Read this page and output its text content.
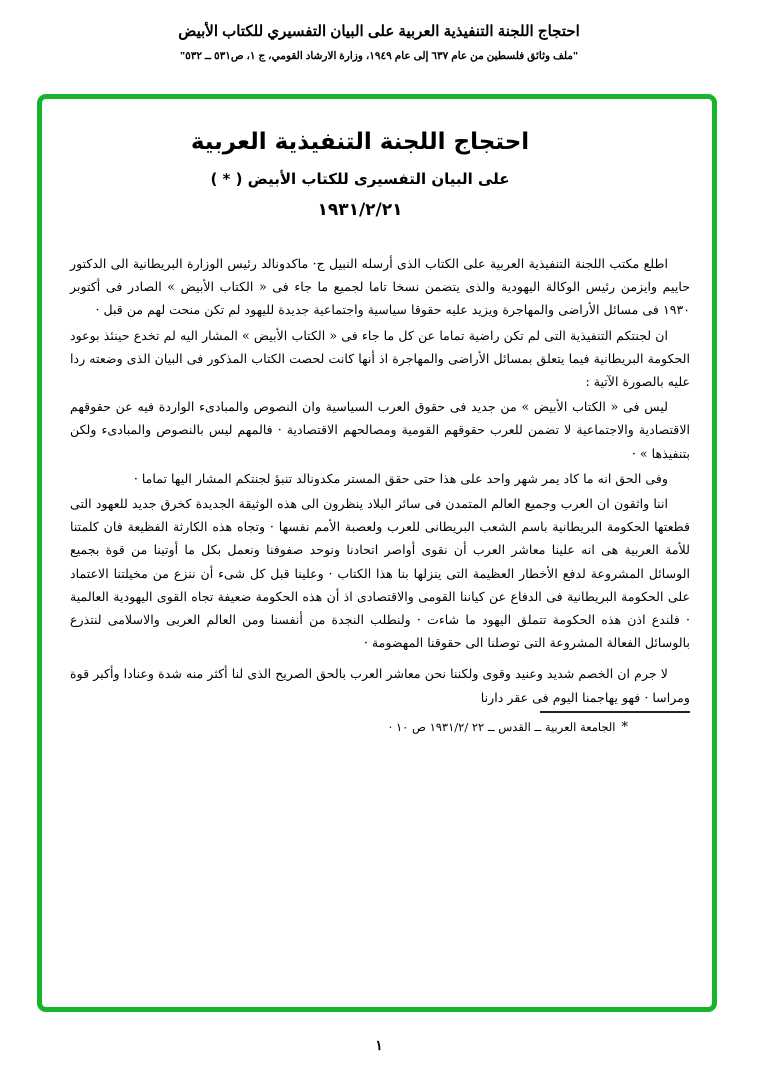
احتجاج اللجنة التنفيذية العربية على البيان التفسيري للكتاب الأبيض
"ملف وثائق فلسطين من عام ٦٣٧ إلى عام ١٩٤٩، وزارة الارشاد القومي، ج ١، ص٥٣١ ــ ٥٣٢"
احتجاج اللجنة التنفيذية العربية
على البيان التفسيرى للكتاب الأبيض ( * )
١٩٣١/٢/٢١

اطلع مكتب اللجنة التنفيذية العربية على الكتاب الذى أرسله النبيل ج· ماكدونالد رئيس الوزارة البريطانية الى الدكتور حاييم وايزمن رئيس الوكالة اليهودية والذى يتضمن نسخا تاما لجميع ما جاء فى « الكتاب الأبيض » الصادر فى أكتوبر ١٩٣٠ فى مسائل الأراضى والمهاجرة ويزيد عليه حقوقا سياسية واجتماعية جديدة لليهود لم تكن منحت لهم من قبل ·

ان لجنتكم التنفيذية التى لم تكن راضية تماما عن كل ما جاء فى « الكتاب الأبيض » المشار اليه لم تخدع حينئذ بوعود الحكومة البريطانية فيما يتعلق بمسائل الأراضى والمهاجرة اذ أنها كانت لحصت الكتاب المذكور فى البيان الذى وضعته ردا عليه بالصورة الآتية :

ليس فى « الكتاب الأبيض » من جديد فى حقوق العرب السياسية وان النصوص والمبادىء الواردة فيه عن حقوقهم الاقتصادية والاجتماعية لا تضمن للعرب حقوقهم القومية ومصالحهم الاقتصادية · فالمهم ليس بالنصوص والمبادىء ولكن بتنفيذها » ·

وفى الحق انه ما كاد يمر شهر واحد على هذا حتى حقق المستر مكدونالد تنبؤ لجنتكم المشار اليها تماما ·

اننا واثقون ان العرب وجميع العالم المتمدن فى سائر البلاد ينظرون الى هذه الوثيقة الجديدة كخرق جديد للعهود التى قطعتها الحكومة البريطانية باسم الشعب البريطانى للعرب ولعصبة الأمم نفسها · وتجاه هذه الكارثة الفظيعة فان كلمتنا للأمة العربية هى انه علينا معاشر العرب أن نقوى أواصر اتحادنا ونوحد صفوفنا ونعمل بكل ما أوتينا من قوة بجميع الوسائل المشروعة لدفع الأخطار العظيمة التى ينزلها بنا هذا الكتاب · وعلينا قبل كل شىء أن ننزع من مخيلتنا الاعتماد على الحكومة البريطانية فى الدفاع عن كياننا القومى والاقتصادى اذ أن هذه الحكومة ضعيفة تجاه القوى اليهودية العالمية · فلندع اذن هذه الحكومة تتملق اليهود ما شاءت · ولنطلب النجدة من أنفسنا ومن العالم العربى والاسلامى لنتذرع بالوسائل الفعالة المشروعة التى توصلنا الى حقوقنا المهضومة ·

لا جرم ان الخصم شديد وعنيد وقوى ولكننا نحن معاشر العرب بالحق الصريح الذى لنا أكثر منه شدة وعنادا وأكبر قوة ومراسا · فهو يهاجمنا اليوم فى عقر دارنا

*الجامعة العربية ــ القدس ــ ٢٢ /١٩٣١/٢ ص ١٠ ·

١
